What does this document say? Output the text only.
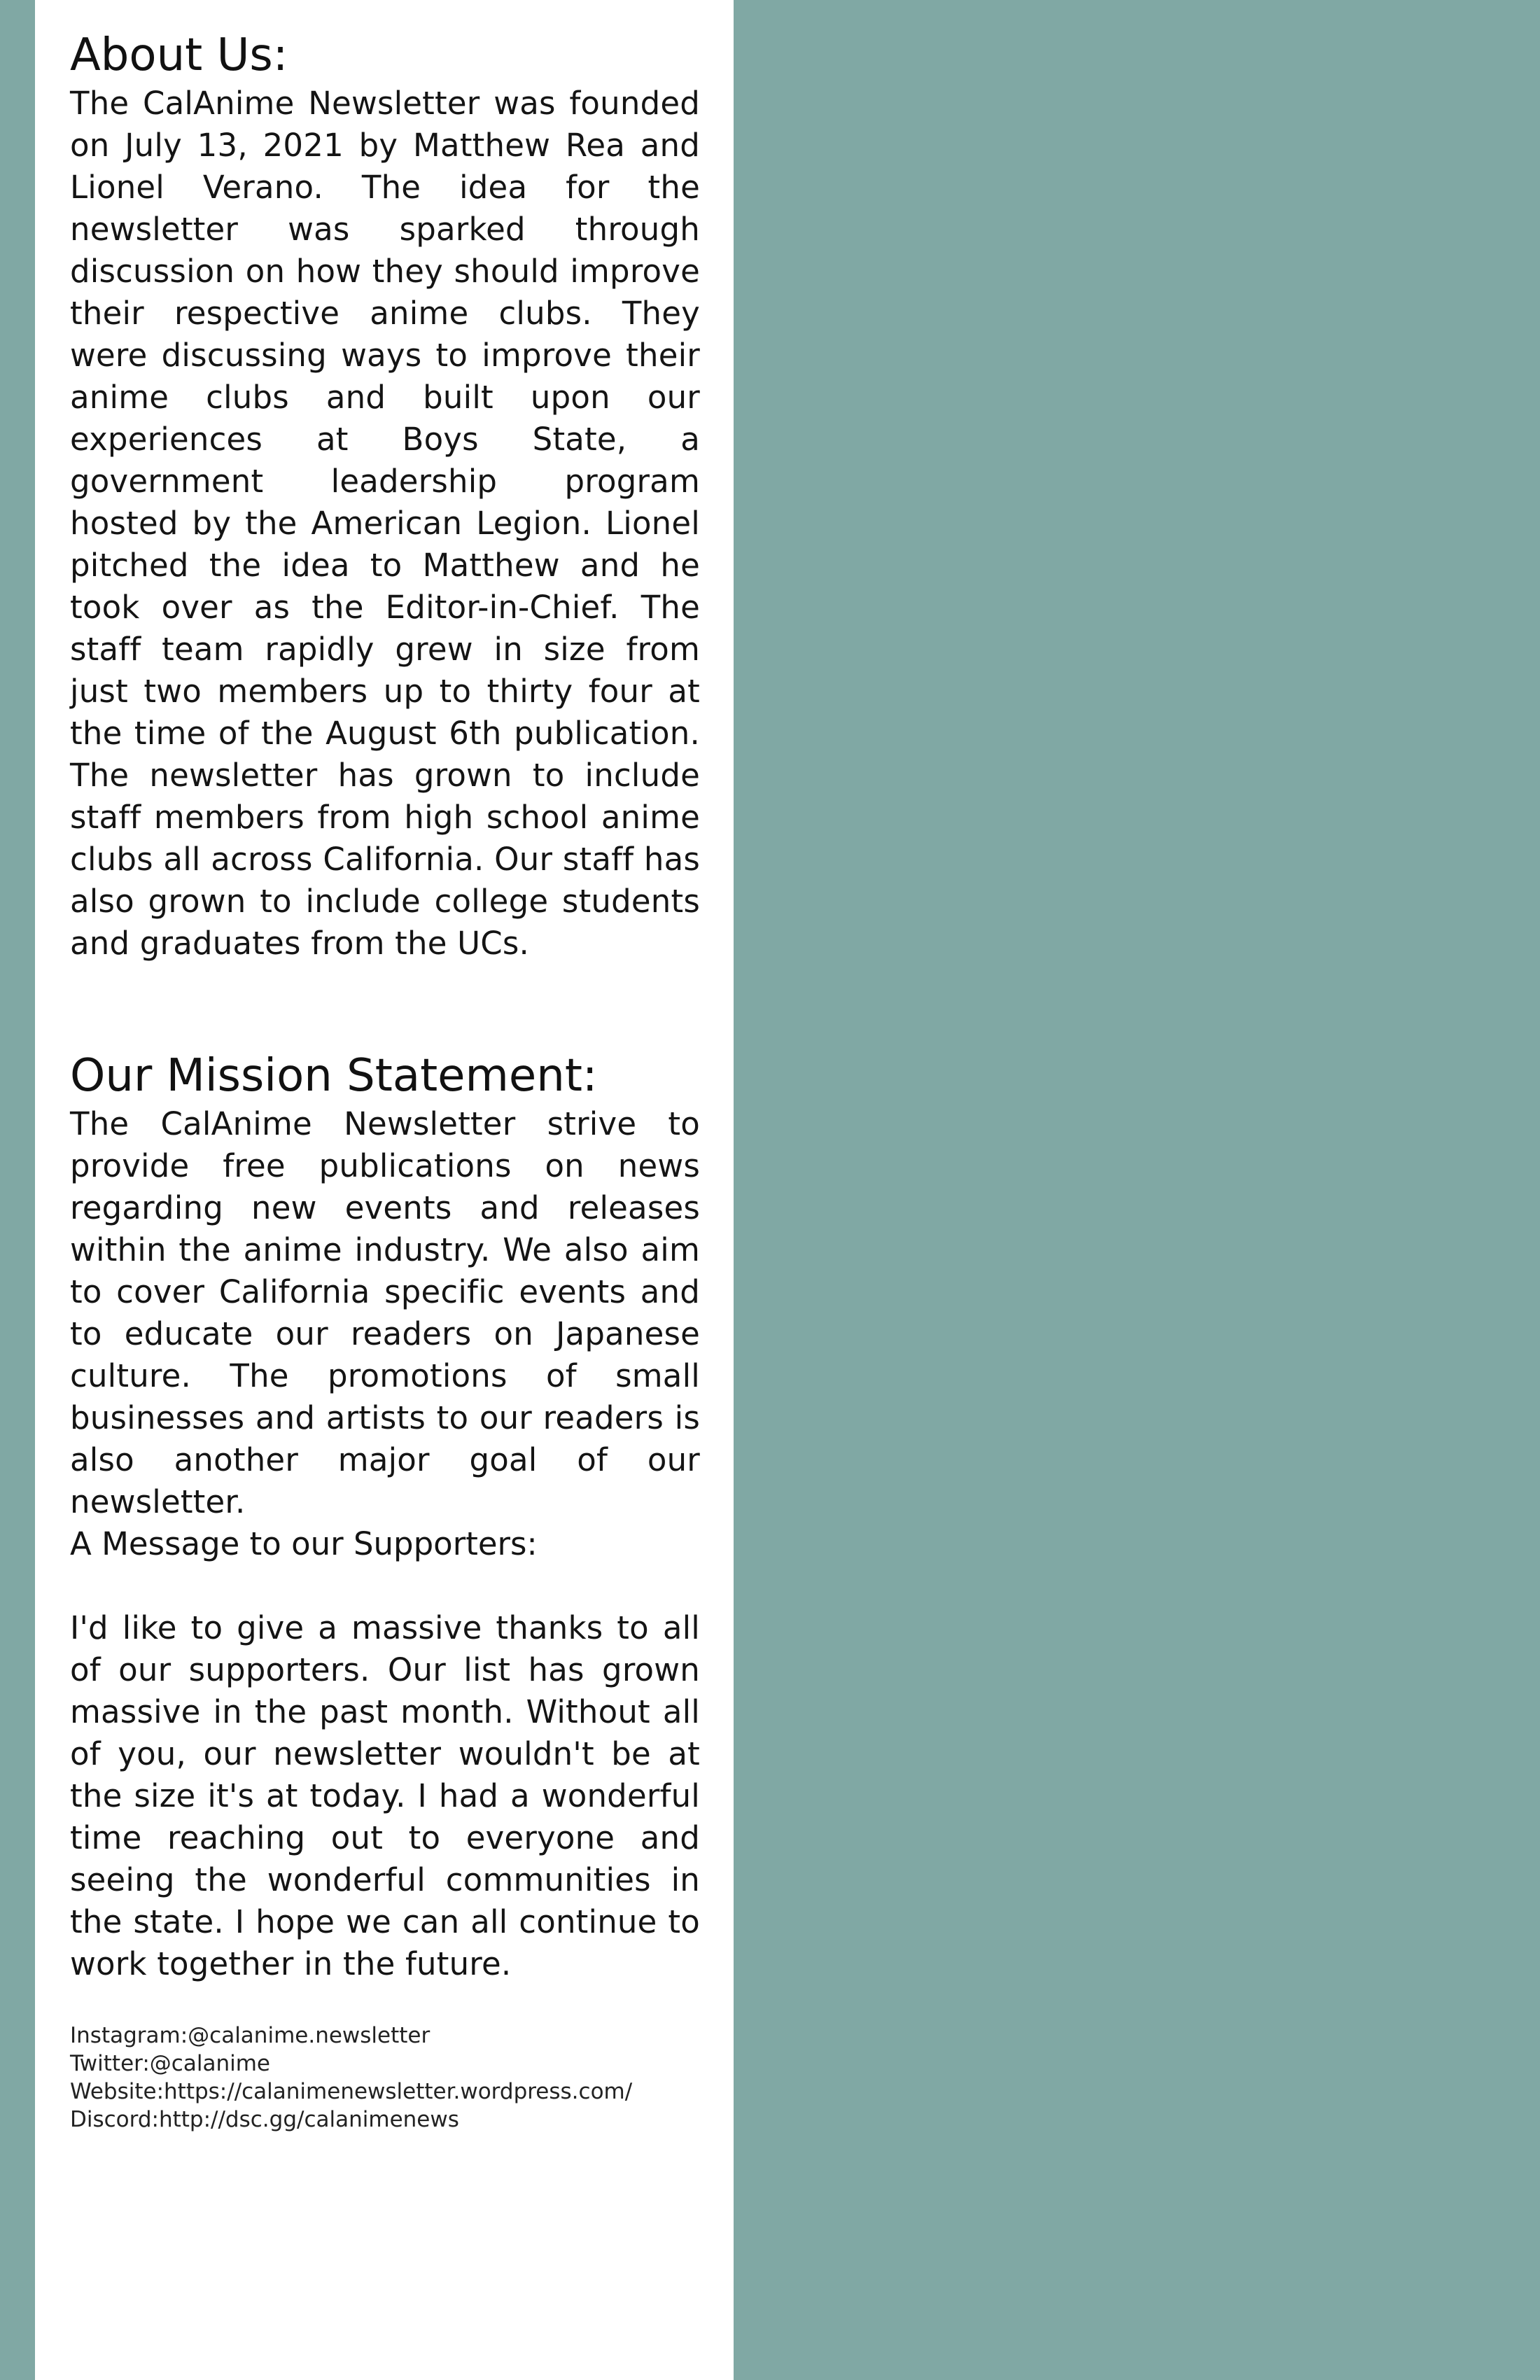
About Us:

The CalAnime Newsletter was founded on July 13, 2021 by Matthew Rea and Lionel Verano. The idea for the newsletter was sparked through discussion on how they should improve their respective anime clubs. They were discussing ways to improve their anime clubs and built upon our experiences at Boys State, a government leadership program hosted by the American Legion. Lionel pitched the idea to Matthew and he took over as the Editor-in-Chief. The staff team rapidly grew in size from just two members up to thirty four at the time of the August 6th publication. The newsletter has grown to include staff members from high school anime clubs all across California. Our staff has also grown to include college students and graduates from the UCs.

Our Mission Statement:

The CalAnime Newsletter strive to provide free publications on news regarding new events and releases within the anime industry. We also aim to cover California specific events and to educate our readers on Japanese culture. The promotions of small businesses and artists to our readers is also another major goal of our newsletter.

A Message to our Supporters:

I'd like to give a massive thanks to all of our supporters. Our list has grown massive in the past month. Without all of you, our newsletter wouldn't be at the size it's at today. I had a wonderful time reaching out to everyone and seeing the wonderful communities in the state. I hope we can all continue to work together in the future.

Instagram:@calanime.newsletter

Twitter:@calanime

Website:https://calanimenewsletter.wordpress.com/

Discord:http://dsc.gg/calanimenews
